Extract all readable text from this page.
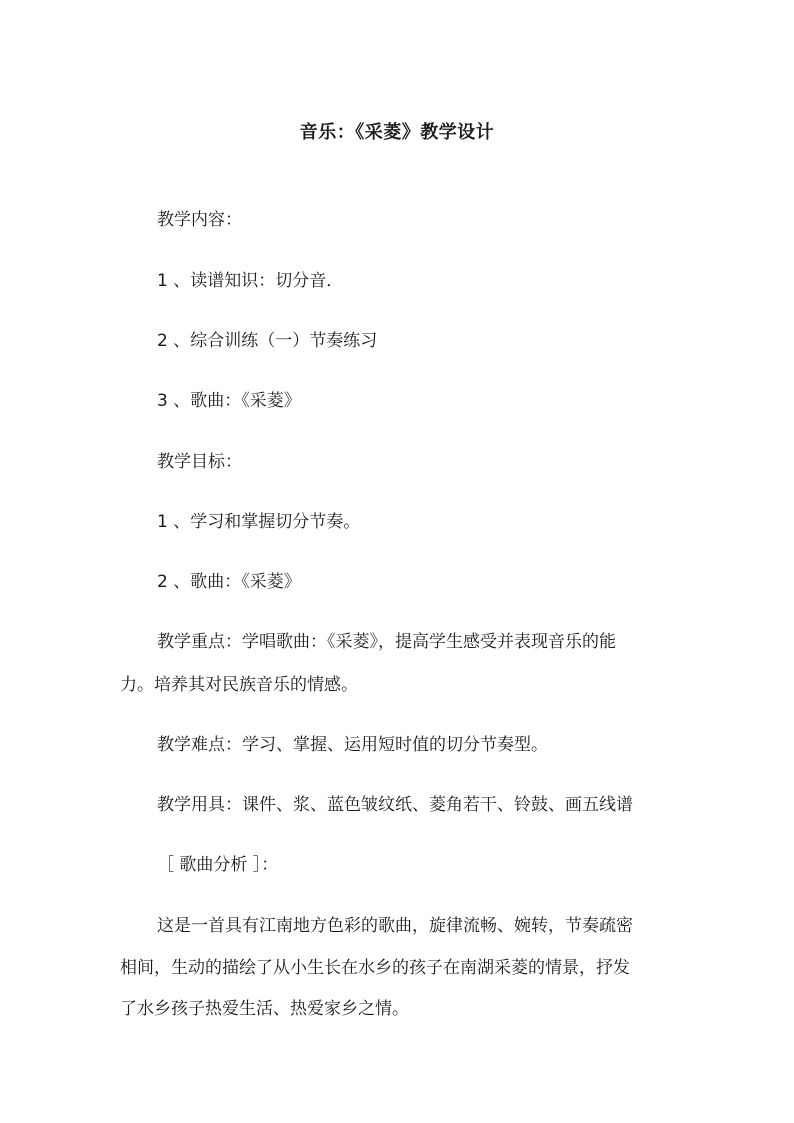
音乐：《采菱》教学设计
教学内容：
1 、读谱知识：切分音．
2 、综合训练（一）节奏练习
3 、歌曲：《采菱》
教学目标：
1 、学习和掌握切分节奏。
2 、歌曲：《采菱》
教学重点：学唱歌曲：《采菱》，提高学生感受并表现音乐的能
力。培养其对民族音乐的情感。
教学难点：学习、掌握、运用短时值的切分节奏型。
教学用具：课件、浆、蓝色皱纹纸、菱角若干、铃鼓、画五线谱
［ 歌曲分析 ］：
这是一首具有江南地方色彩的歌曲，旋律流畅、婉转，节奏疏密
相间，生动的描绘了从小生长在水乡的孩子在南湖采菱的情景，抒发
了水乡孩子热爱生活、热爱家乡之情。
